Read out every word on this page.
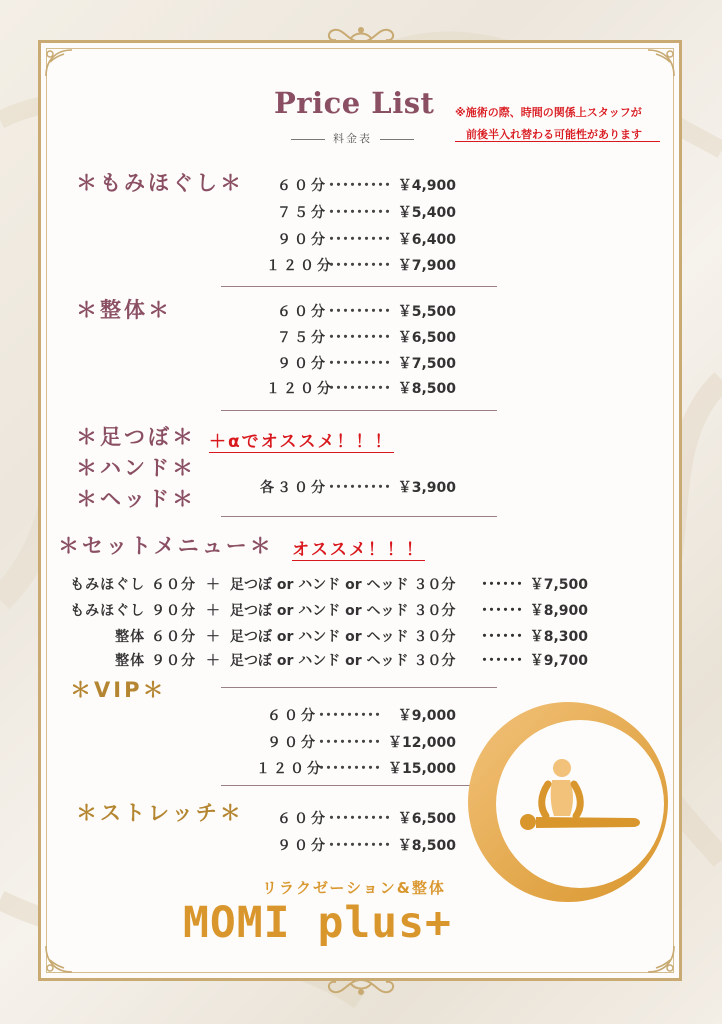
Price List
料金表
※施術の際、時間の関係上スタッフが
前後半入れ替わる可能性があります
＊もみほぐし＊	６０分･････････ ￥4,900
７５分･････････ ￥5,400
９０分･････････ ￥6,400
１２０分･････････ ￥7,900
＊整体＊	６０分･････････ ￥5,500
７５分･････････ ￥6,500
９０分･････････ ￥7,500
１２０分･････････ ￥8,500
＊足つぼ＊
＊ハンド＊
＊ヘッド＊
＋αでオススメ！！！
各３０分･････････ ￥3,900
＊セットメニュー＊ オススメ！！！
もみほぐし ６０分 ＋ 足つぼ or ハンド or ヘッド ３０分 ･･････ ￥7,500
もみほぐし ９０分 ＋ 足つぼ or ハンド or ヘッド ３０分 ･･････ ￥8,900
整体 ６０分 ＋ 足つぼ or ハンド or ヘッド ３０分 ･･････ ￥8,300
整体 ９０分 ＋ 足つぼ or ハンド or ヘッド ３０分 ･･････ ￥9,700
＊VIP＊
６０分･････････ ￥9,000
９０分･････････ ￥12,000
１２０分･････････ ￥15,000
＊ストレッチ＊	６０分･････････ ￥6,500
９０分･････････ ￥8,500
リラクゼーション&整体
MOMI plus+
